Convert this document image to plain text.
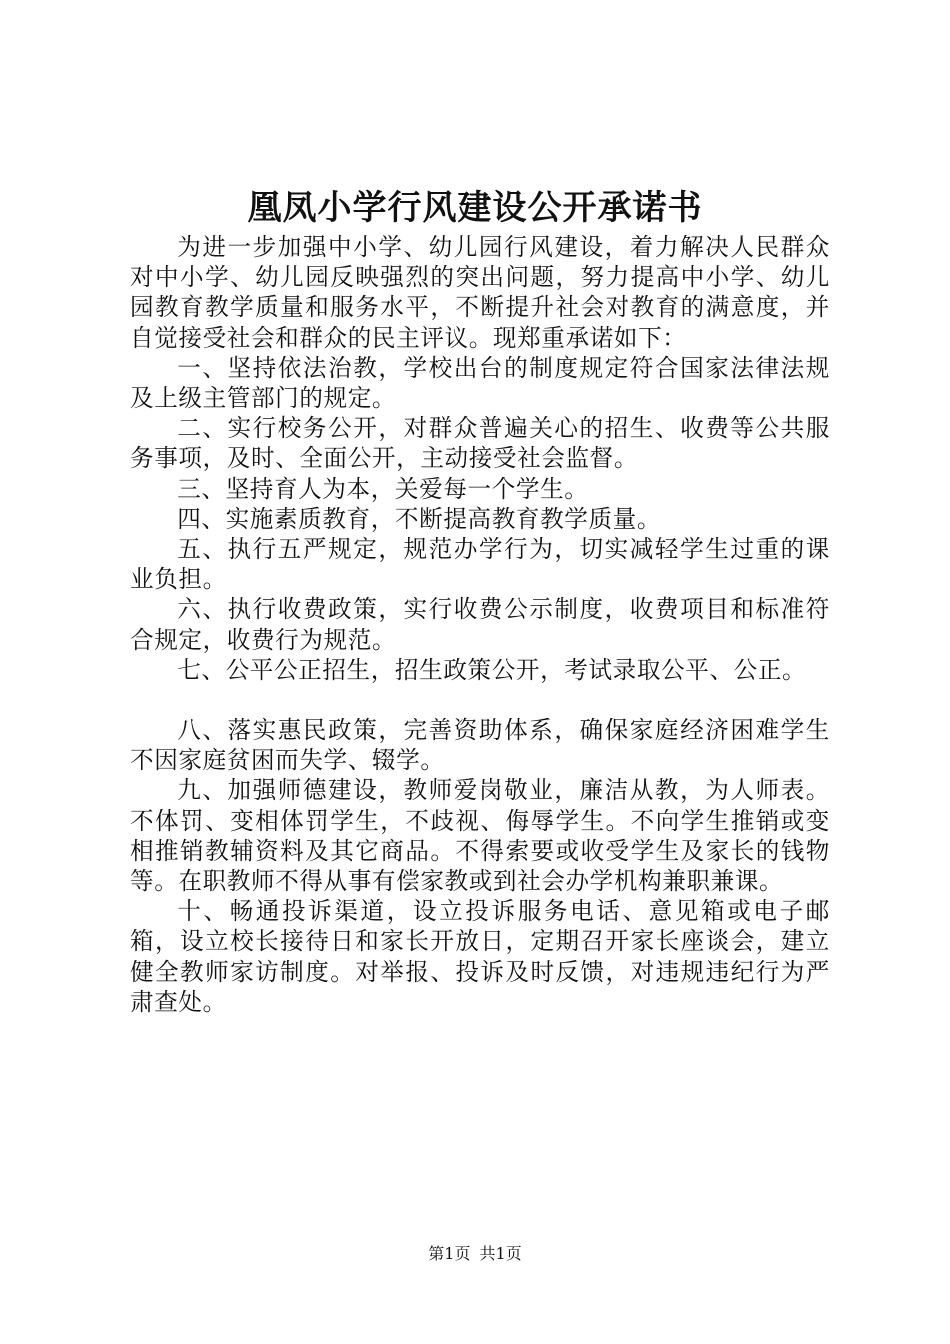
凰凤小学行风建设公开承诺书

为进一步加强中小学、幼儿园行风建设，着力解决人民群众对中小学、幼儿园反映强烈的突出问题，努力提高中小学、幼儿园教育教学质量和服务水平，不断提升社会对教育的满意度，并自觉接受社会和群众的民主评议。现郑重承诺如下：

一、坚持依法治教，学校出台的制度规定符合国家法律法规及上级主管部门的规定。

二、实行校务公开，对群众普遍关心的招生、收费等公共服务事项，及时、全面公开，主动接受社会监督。

三、坚持育人为本，关爱每一个学生。

四、实施素质教育，不断提高教育教学质量。

五、执行五严规定，规范办学行为，切实减轻学生过重的课业负担。

六、执行收费政策，实行收费公示制度，收费项目和标准符合规定，收费行为规范。

七、公平公正招生，招生政策公开，考试录取公平、公正。

八、落实惠民政策，完善资助体系，确保家庭经济困难学生不因家庭贫困而失学、辍学。

九、加强师德建设，教师爱岗敬业，廉洁从教，为人师表。不体罚、变相体罚学生，不歧视、侮辱学生。不向学生推销或变相推销教辅资料及其它商品。不得索要或收受学生及家长的钱物等。在职教师不得从事有偿家教或到社会办学机构兼职兼课。

十、畅通投诉渠道，设立投诉服务电话、意见箱或电子邮箱，设立校长接待日和家长开放日，定期召开家长座谈会，建立健全教师家访制度。对举报、投诉及时反馈，对违规违纪行为严肃查处。

第1页 共1页
